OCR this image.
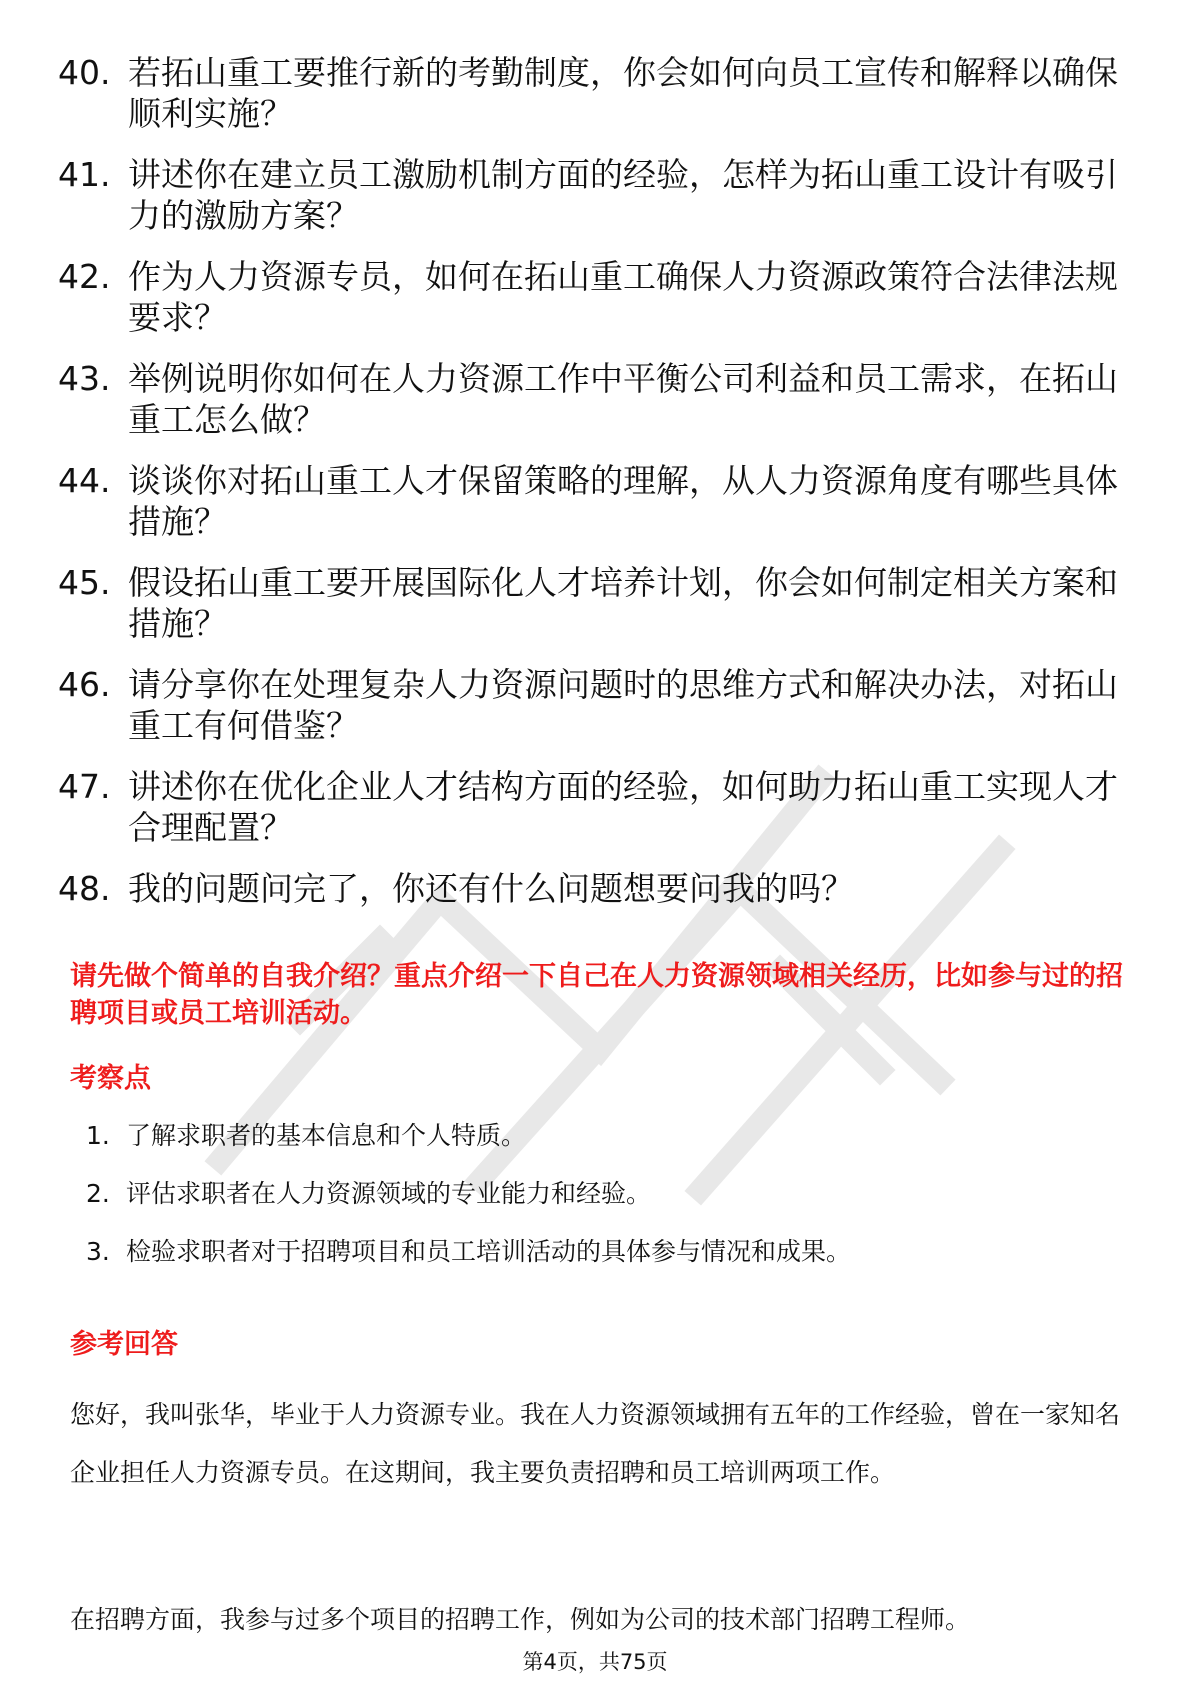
40. 若拓山重工要推行新的考勤制度，你会如何向员工宣传和解释以确保顺利实施？
41. 讲述你在建立员工激励机制方面的经验，怎样为拓山重工设计有吸引力的激励方案？
42. 作为人力资源专员，如何在拓山重工确保人力资源政策符合法律法规要求？
43. 举例说明你如何在人力资源工作中平衡公司利益和员工需求，在拓山重工怎么做？
44. 谈谈你对拓山重工人才保留策略的理解，从人力资源角度有哪些具体措施？
45. 假设拓山重工要开展国际化人才培养计划，你会如何制定相关方案和措施？
46. 请分享你在处理复杂人力资源问题时的思维方式和解决办法，对拓山重工有何借鉴？
47. 讲述你在优化企业人才结构方面的经验，如何助力拓山重工实现人才合理配置？
48. 我的问题问完了，你还有什么问题想要问我的吗？
请先做个简单的自我介绍？重点介绍一下自己在人力资源领域相关经历，比如参与过的招聘项目或员工培训活动。
考察点
1. 了解求职者的基本信息和个人特质。
2. 评估求职者在人力资源领域的专业能力和经验。
3. 检验求职者对于招聘项目和员工培训活动的具体参与情况和成果。
参考回答
您好，我叫张华，毕业于人力资源专业。我在人力资源领域拥有五年的工作经验，曾在一家知名企业担任人力资源专员。在这期间，我主要负责招聘和员工培训两项工作。
在招聘方面，我参与过多个项目的招聘工作，例如为公司的技术部门招聘工程师。
第4页，共75页
